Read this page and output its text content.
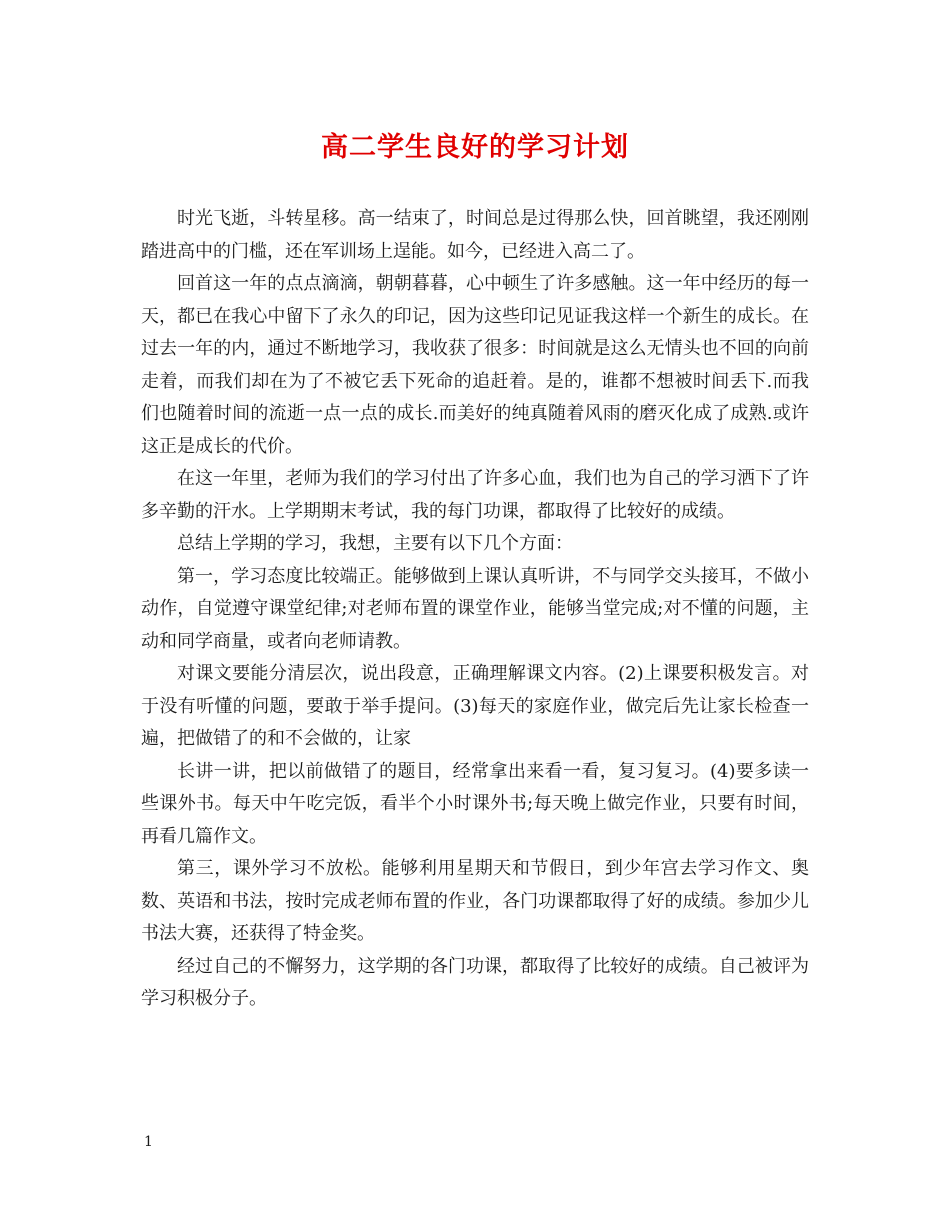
高二学生良好的学习计划

时光飞逝，斗转星移。高一结束了，时间总是过得那么快，回首眺望，我还刚刚踏进高中的门槛，还在军训场上逞能。如今，已经进入高二了。

回首这一年的点点滴滴，朝朝暮暮，心中顿生了许多感触。这一年中经历的每一天，都已在我心中留下了永久的印记，因为这些印记见证我这样一个新生的成长。在过去一年的内，通过不断地学习，我收获了很多：时间就是这么无情头也不回的向前走着，而我们却在为了不被它丢下死命的追赶着。是的，谁都不想被时间丢下.而我们也随着时间的流逝一点一点的成长.而美好的纯真随着风雨的磨灭化成了成熟.或许这正是成长的代价。

在这一年里，老师为我们的学习付出了许多心血，我们也为自己的学习洒下了许多辛勤的汗水。上学期期末考试，我的每门功课，都取得了比较好的成绩。

总结上学期的学习，我想，主要有以下几个方面：

第一，学习态度比较端正。能够做到上课认真听讲，不与同学交头接耳，不做小动作，自觉遵守课堂纪律;对老师布置的课堂作业，能够当堂完成;对不懂的问题，主动和同学商量，或者向老师请教。

对课文要能分清层次，说出段意，正确理解课文内容。(2)上课要积极发言。对于没有听懂的问题，要敢于举手提问。(3)每天的家庭作业，做完后先让家长检查一遍，把做错了的和不会做的，让家

长讲一讲，把以前做错了的题目，经常拿出来看一看，复习复习。(4)要多读一些课外书。每天中午吃完饭，看半个小时课外书;每天晚上做完作业，只要有时间，再看几篇作文。

第三，课外学习不放松。能够利用星期天和节假日，到少年宫去学习作文、奥数、英语和书法，按时完成老师布置的作业，各门功课都取得了好的成绩。参加少儿书法大赛，还获得了特金奖。

经过自己的不懈努力，这学期的各门功课，都取得了比较好的成绩。自己被评为学习积极分子。

1
